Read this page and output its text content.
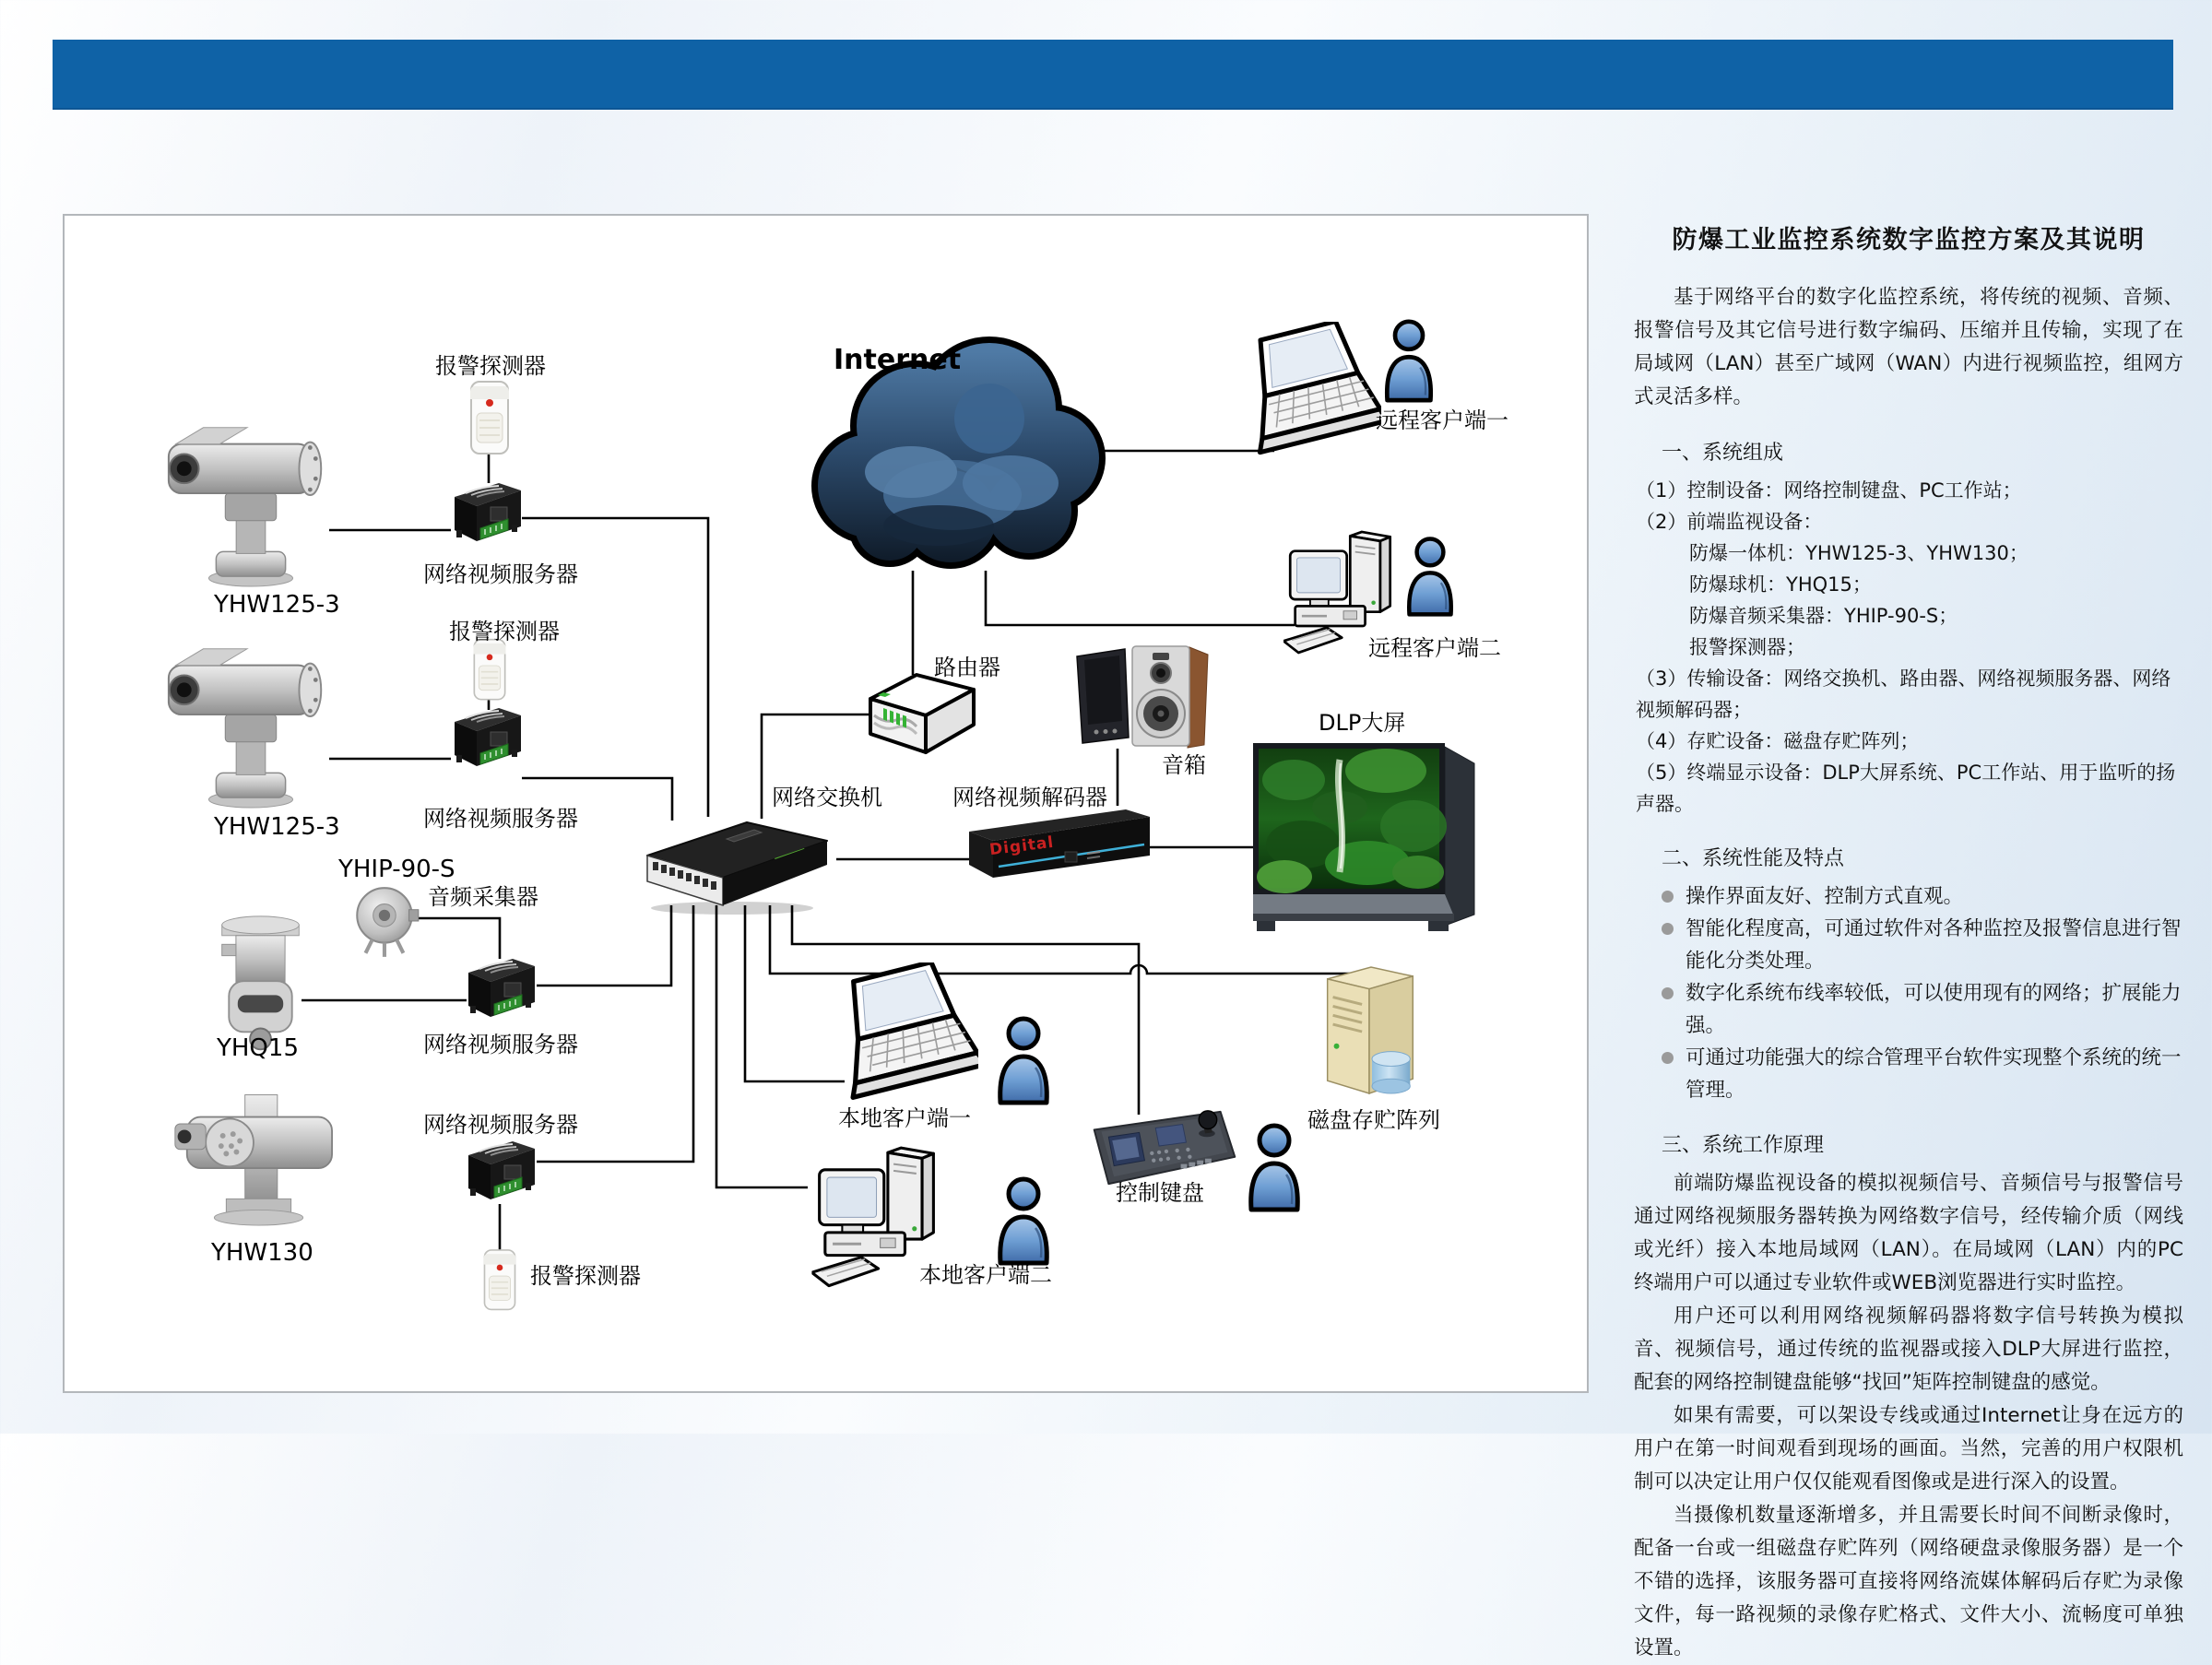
Digital
Internet
报警探测器
YHW125-3
网络视频服务器
报警探测器
YHW125-3	网络视频服务器
YHIP-90-S
音频采集器
YHQ15	网络视频服务器
网络视频服务器
YHW130
报警探测器
路由器
网络交换机	网络视频解码器
音箱
DLP大屏
远程客户端一
远程客户端二
本地客户端一
本地客户端二
控制键盘
磁盘存贮阵列
防爆工业监控系统数字监控方案及其说明

基于网络平台的数字化监控系统，将传统的视频、音频、报警信号及其它信号进行数字编码、压缩并且传输，实现了在局域网（LAN）甚至广域网（WAN）内进行视频监控，组网方式灵活多样。

一、系统组成
（1）控制设备：网络控制键盘、PC工作站；
（2）前端监视设备：
防爆一体机：YHW125-3、YHW130；
防爆球机：YHQ15；
防爆音频采集器：YHIP-90-S；
报警探测器；
（3）传输设备：网络交换机、路由器、网络视频服务器、网络视频解码器；
（4）存贮设备：磁盘存贮阵列；
（5）终端显示设备：DLP大屏系统、PC工作站、用于监听的扬声器。
二、系统性能及特点
操作界面友好、控制方式直观。
智能化程度高，可通过软件对各种监控及报警信息进行智能化分类处理。
数字化系统布线率较低，可以使用现有的网络；扩展能力强。
可通过功能强大的综合管理平台软件实现整个系统的统一管理。
三、系统工作原理

前端防爆监视设备的模拟视频信号、音频信号与报警信号通过网络视频服务器转换为网络数字信号，经传输介质（网线或光纤）接入本地局域网（LAN）。在局域网（LAN）内的PC终端用户可以通过专业软件或WEB浏览器进行实时监控。

用户还可以利用网络视频解码器将数字信号转换为模拟音、视频信号，通过传统的监视器或接入DLP大屏进行监控，配套的网络控制键盘能够“找回”矩阵控制键盘的感觉。

如果有需要，可以架设专线或通过Internet让身在远方的用户在第一时间观看到现场的画面。当然，完善的用户权限机制可以决定让用户仅仅能观看图像或是进行深入的设置。

当摄像机数量逐渐增多，并且需要长时间不间断录像时，配备一台或一组磁盘存贮阵列（网络硬盘录像服务器）是一个不错的选择，该服务器可直接将网络流媒体解码后存贮为录像文件，每一路视频的录像存贮格式、文件大小、流畅度可单独设置。
